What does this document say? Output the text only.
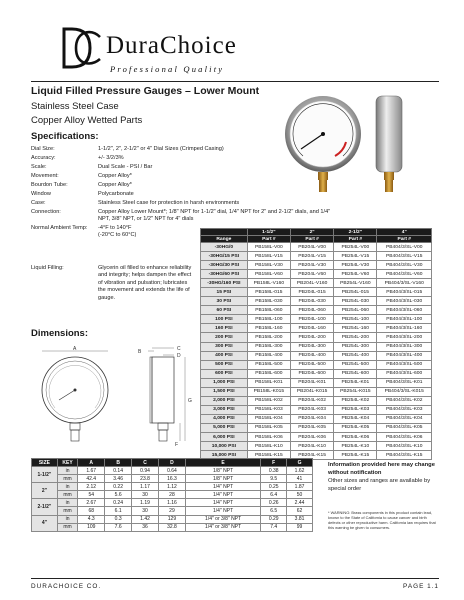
DuraChoice
Professional Quality
Liquid Filled Pressure Gauges – Lower Mount
Stainless Steel Case
Copper Alloy Wetted Parts
Specifications:
Dial Size:	1-1/2", 2", 2-1/2" or 4" Dial Sizes (Crimped Casing)
Accuracy:	+/- 3/2/3%
Scale:	Dual Scale - PSI / Bar
Movement:	Copper Alloy*
Bourdon Tube:	Copper Alloy*
Window	Polycarbonate
Case:	Stainless Steel case for protection in harsh environments
Connection:	Copper Alloy Lower Mount*; 1/8" NPT for 1-1/2" dial, 1/4" NPT for 2" and 2-1/2" dials, and 1/4" NPT, 3/8" NPT, or 1/2" NPT for 4" dials
Normal Ambient Temp:	-4°F to 140°F (-20°C to 60°C)
Liquid Filling:	Glycerin oil filled to enhance reliability and integrity; helps dampen the effect of vibration and pulsation; lubricates the movement and extends the life of gauge.
	1-1/2"	2"	2-1/2"	4"
Range	Part #	Part #	Part #	Part #
-30HG/0	PB158L-V00	PB204L-V00	PB254L-V00	PB404/3/SL-V00
-30HG/15 PSI	PB158L-V15	PB204L-V15	PB254L-V15	PB404/3/SL-V15
-30HG/30 PSI	PB158L-V30	PB204L-V30	PB254L-V30	PB404/3/SL-V30
-30HG/60 PSI	PB158L-V60	PB204L-V60	PB254L-V60	PB404/3/SL-V60
-30HG/160 PSI	PB158L-V160	PB204L-V160	PB254L-V160	PB404/3/SL-V160
15 PSI	PB158L-015	PB204L-015	PB254L-015	PB404/3/SL-015
30 PSI	PB158L-030	PB204L-030	PB254L-030	PB404/3/SL-030
60 PSI	PB158L-060	PB204L-060	PB254L-060	PB404/3/SL-060
100 PSI	PB158L-100	PB204L-100	PB254L-100	PB404/3/SL-100
160 PSI	PB158L-160	PB204L-160	PB254L-160	PB404/3/SL-160
200 PSI	PB158L-200	PB204L-200	PB254L-200	PB404/3/SL-200
300 PSI	PB158L-300	PB204L-300	PB254L-300	PB404/3/SL-300
400 PSI	PB158L-400	PB204L-400	PB254L-400	PB404/3/SL-400
500 PSI	PB158L-500	PB204L-500	PB254L-500	PB404/3/SL-500
600 PSI	PB158L-600	PB204L-600	PB254L-600	PB404/3/SL-600
1,000 PSI	PB158L-K01	PB204L-K01	PB254L-K01	PB404/3/SL-K01
1,500 PSI	PB158L-K015	PB204L-K015	PB254L-K015	PB404/3/SL-K015
2,000 PSI	PB158L-K02	PB204L-K02	PB254L-K02	PB404/3/SL-K02
3,000 PSI	PB158L-K03	PB204L-K03	PB254L-K03	PB404/3/SL-K03
4,000 PSI	PB158L-K04	PB204L-K04	PB254L-K04	PB404/3/SL-K04
5,000 PSI	PB158L-K05	PB204L-K05	PB254L-K05	PB404/3/SL-K05
6,000 PSI	PB158L-K06	PB204L-K06	PB254L-K06	PB404/3/SL-K06
10,000 PSI	PB158L-K10	PB204L-K10	PB254L-K10	PB404/3/SL-K10
15,000 PSI	PB158L-K15	PB204L-K15	PB254L-K15	PB404/3/SL-K15
Dimensions:
A	B	C
D
G
F
SIZE	KEY	A	B	C	D	E	F	G
1-1/2"	in	1.67	0.14	0.94	0.64	1/8" NPT	0.38	1.62
	mm	42.4	3.46	23.8	16.3	1/8" NPT	9.5	41
2"	in	2.12	0.22	1.17	1.12	1/4" NPT	0.25	1.87
	mm	54	5.6	30	28	1/4" NPT	6.4	50
2-1/2"	in	2.67	0.24	1.19	1.16	1/4" NPT	0.26	2.44
	mm	68	6.1	30	29	1/4" NPT	6.5	62
4"	in	4.3	0.3	1.42	129	1/4" or 3/8" NPT	0.29	3.81
	mm	109	7.6	36	32.8	1/4" or 3/8" NPT	7.4	99
Information provided here may change without notification
Other sizes and ranges are available by special order
* WARNING: Brass components in this product contain lead, known to the State of California to cause cancer and birth defects or other reproductive harm. California law requires that this warning be given to consumers.
DURACHOICE CO.	PAGE 1.1
